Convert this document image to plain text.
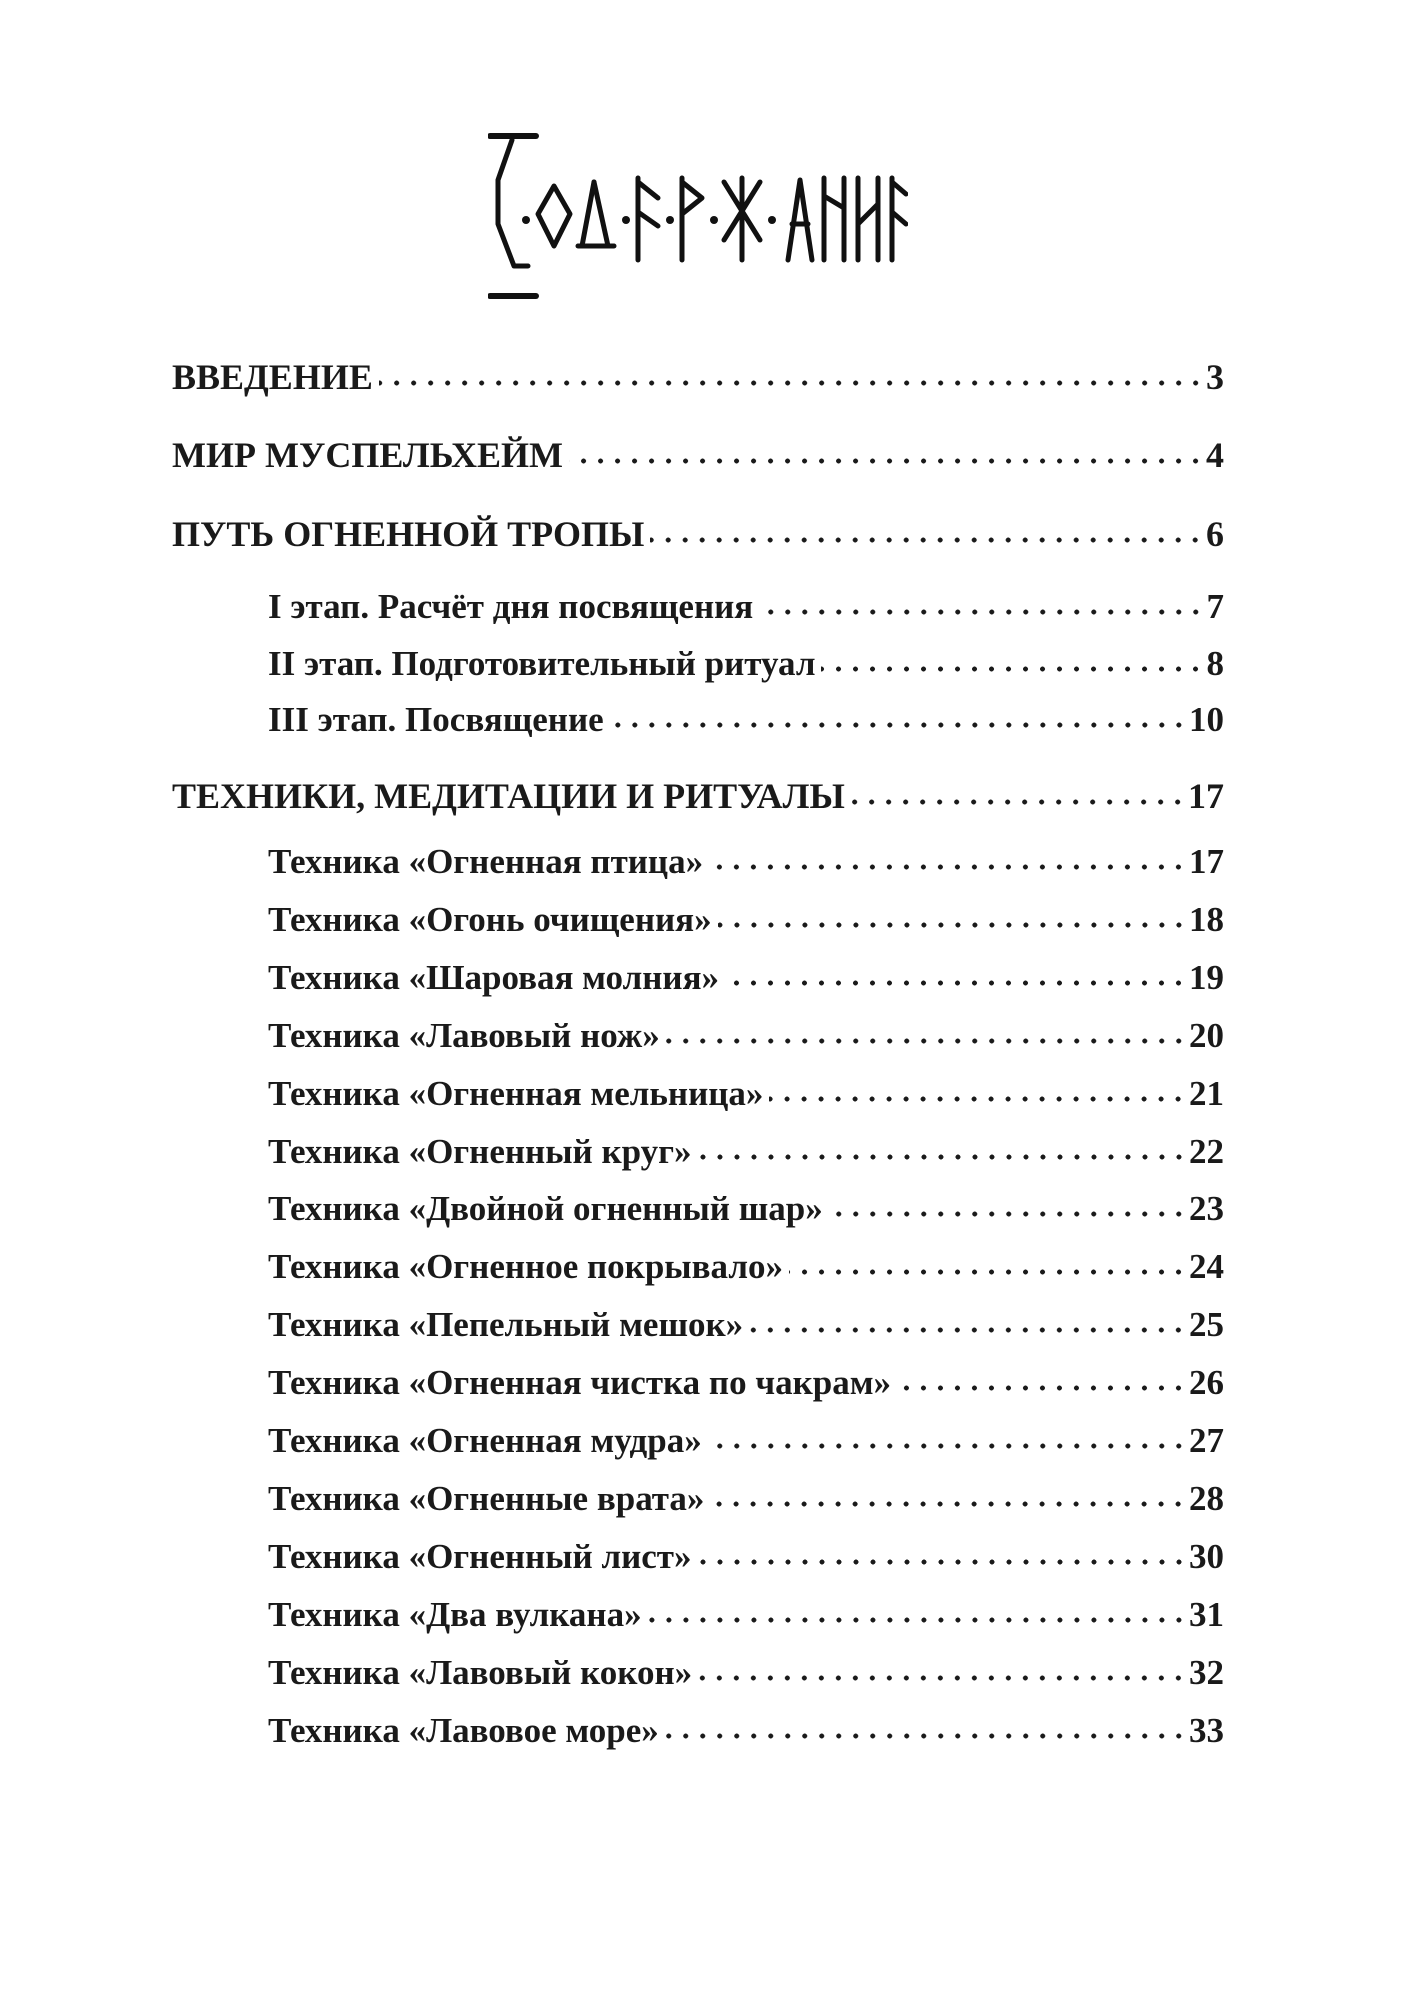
ВВЕДЕНИЕ	3
МИР МУСПЕЛЬХЕЙМ	4
ПУТЬ ОГНЕННОЙ ТРОПЫ	6
I этап. Расчёт дня посвящения	7
II этап. Подготовительный ритуал	8
III этап. Посвящение	10
ТЕХНИКИ, МЕДИТАЦИИ И РИТУАЛЫ	17
Техника «Огненная птица»	17
Техника «Огонь очищения»	18
Техника «Шаровая молния»	19
Техника «Лавовый нож»	20
Техника «Огненная мельница»	21
Техника «Огненный круг»	22
Техника «Двойной огненный шар»	23
Техника «Огненное покрывало»	24
Техника «Пепельный мешок»	25
Техника «Огненная чистка по чакрам»	26
Техника «Огненная мудра»	27
Техника «Огненные врата»	28
Техника «Огненный лист»	30
Техника «Два вулкана»	31
Техника «Лавовый кокон»	32
Техника «Лавовое море»	33
